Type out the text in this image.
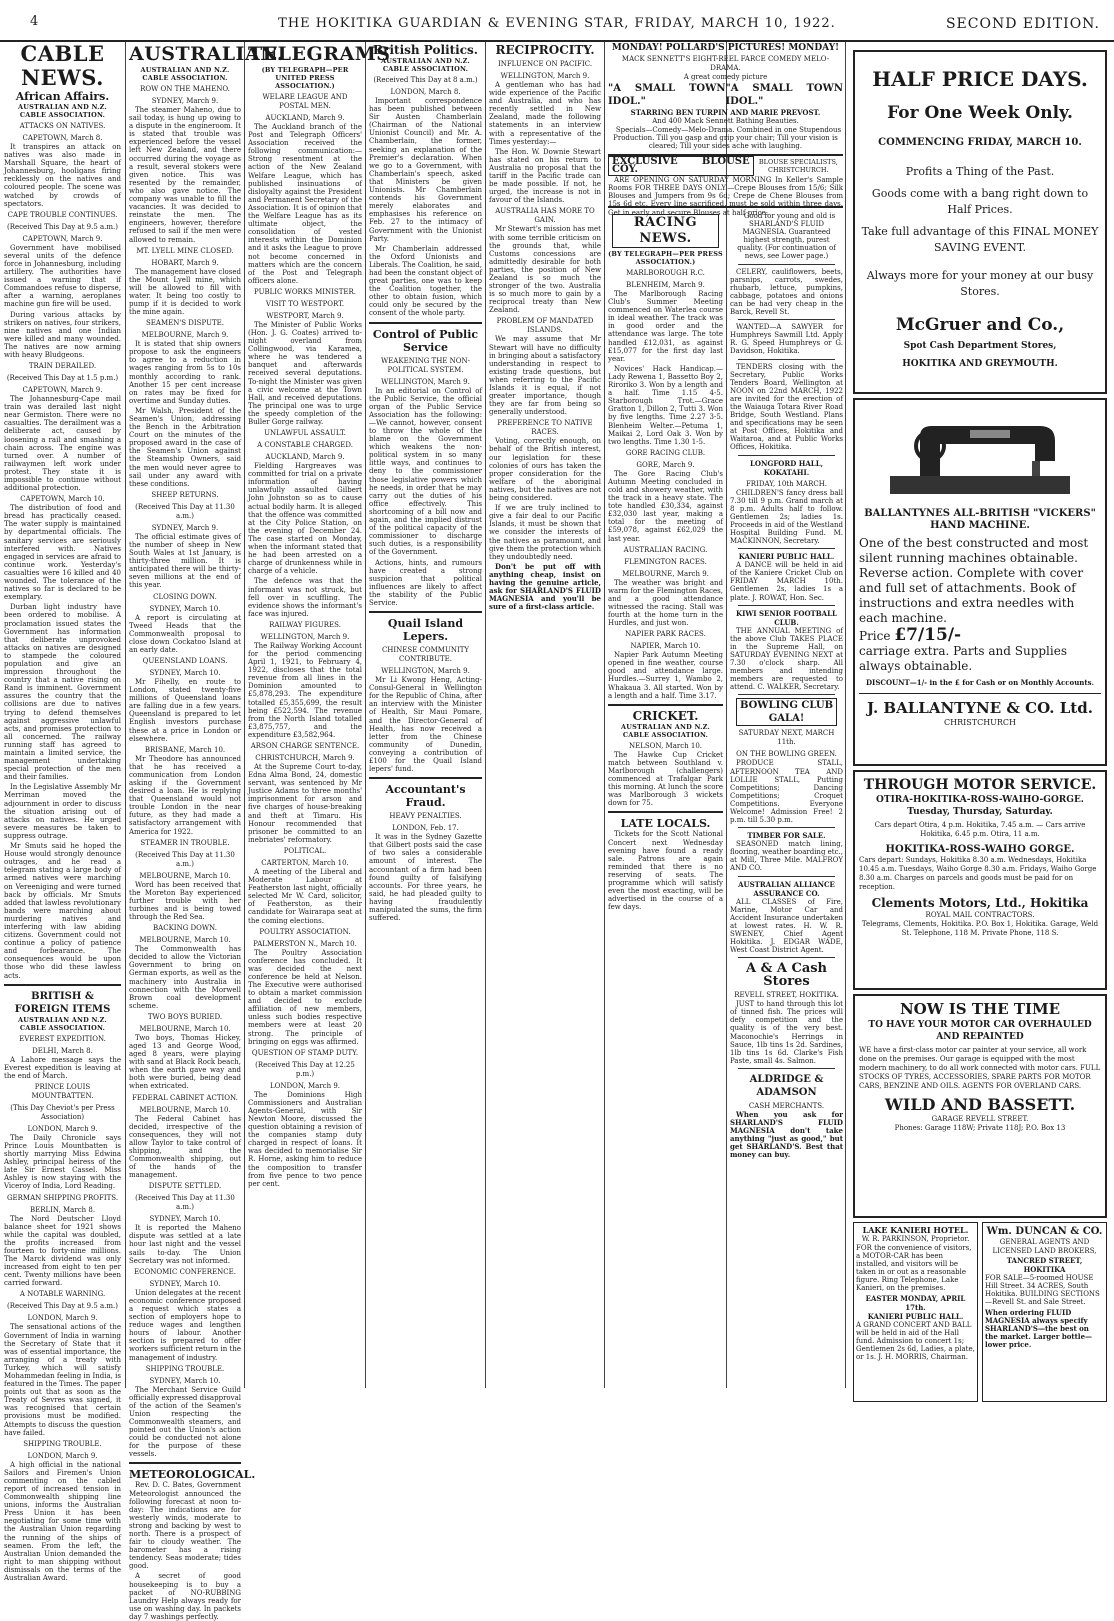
4	THE HOKITIKA GUARDIAN & EVENING STAR, FRIDAY, MARCH 10, 1922.	SECOND EDITION.
CABLE NEWS.
African Affairs.
AUSTRALIAN AND N.Z. CABLE ASSOCIATION.
ATTACKS ON NATIVES.
CAPETOWN, March 8.

It transpires an attack on natives was also made in Marshall Square, the heart of Johannesburg, hooligans firing recklessly on the natives and coloured people. The scene was watched by crowds of spectators.

CAPE TROUBLE CONTINUES.
(Received This Day at 9.5 a.m.)
CAPETOWN, March 9.

Government have mobilised several units of the defence force in Johannesburg, including artillery. The authorities have issued a warning that if Commandoes refuse to disperse, after a warning, aeroplanes machine gun fire will be used.

During various attacks by strikers on natives, four strikers, nine natives and one Indian were killed and many wounded. The natives are now arming with heavy Bludgeons.

TRAIN DERAILED.
(Received This Day at 1.5 p.m.)
CAPETOWN, March 9.

The Johannesburg-Cape mail train was derailed last night near Germiston. There were no casualties. The derailment was a deliberate act, caused by loosening a rail and smashing a chain across. The engine was turned over. A number of railwaymen left work under protest. They state it is impossible to continue without additional protection.

CAPETOWN, March 10.

The distribution of food and bread has practically ceased. The water supply is maintained by departmental officials. The sanitary services are seriously interfered with. Natives engaged in services are afraid to continue work. Yesterday's casualties were 16 killed and 40 wounded. The tolerance of the natives so far is declared to be exemplary.

Durban light industry have been ordered to mobilise. A proclamation issued states the Government has information that deliberate unprovoked attacks on natives are designed to stampede the coloured population and give an impression throughout the country that a native rising on Rand is imminent. Government assures the country that the collisions are due to natives trying to defend themselves against aggressive unlawful acts, and promises protection to all concerned. The railway running staff has agreed to maintain a limited service, the management undertaking special protection of the men and their families.

In the Legislative Assembly Mr Merriman moved the adjournment in order to discuss the situation arising out of attacks on natives. He urged severe measures be taken to suppress outrage.

Mr Smuts said he hoped the House would strongly denounce outrages, and he read a telegram stating a large body of armed natives were marching on Vereeniging and were turned back by officials. Mr Smuts added that lawless revolutionary bands were marching about murdering natives and interfering with law abiding citizens. Government could not continue a policy of patience and forbearance. The consequences would be upon those who did these lawless acts.

BRITISH & FOREIGN ITEMS
AUSTRALIAN AND N.Z. CABLE ASSOCIATION.
EVEREST EXPEDITION.
DELHI, March 8.

A Lahore message says the Everest expedition is leaving at the end of March.

PRINCE LOUIS MOUNTBATTEN.
(This Day Cheviot's per Press Association)
LONDON, March 9.

The Daily Chronicle says Prince Louis Mountbatten is shortly marrying Miss Edwina Ashley, principal heiress of the late Sir Ernest Cassel. Miss Ashley is now staying with the Viceroy of India, Lord Reading.

GERMAN SHIPPING PROFITS.
BERLIN, March 8.

The Nord Deutscher Lloyd balance sheet for 1921 shows while the capital was doubled, the profits increased from fourteen to forty-nine millions. The Marck dividend was only increased from eight to ten per cent. Twenty millions have been carried forward.

A NOTABLE WARNING.
(Received This Day at 9.5 a.m.)
LONDON, March 9.

The sensational actions of the Government of India in warning the Secretary of State that it was of essential importance, the arranging of a treaty with Turkey, which will satisfy Mohammedan feeling in India, is featured in the Times. The paper points out that as soon as the Treaty of Sevres was signed, it was recognised that certain provisions must be modified. Attempts to discuss the question have failed.

SHIPPING TROUBLE.
LONDON, March 9.

A high official in the national Sailors and Firemen's Union commenting on the cabled report of increased tension in Commonwealth shipping line unions, informs the Australian Press Union it has been negotiating for some time with the Australian Union regarding the running of the ships of seamen. From the left, the Australian Union demanded the right to man shipping without dismissals on the terms of the Australian Award.

AUSTRALIAN.
AUSTRALIAN AND N.Z. CABLE ASSOCIATION.
ROW ON THE MAHENO.
SYDNEY, March 9.

The steamer Maheno, due to sail today, is hung up owing to a dispute in the engineroom. It is stated that trouble was experienced before the vessel left New Zealand, and there occurred during the voyage as a result, several stokers were given notice. This was resented by the remainder, who also gave notice. The company was unable to fill the vacancies. It was decided to reinstate the men. The engineers, however, therefore refused to sail if the men were allowed to remain.

MT. LYELL MINE CLOSED.
HOBART, March 9.

The management have closed the Mount Lyell mine, which will be allowed to fill with water. It being too costly to pump if it is decided to work the mine again.

SEAMEN'S DISPUTE.
MELBOURNE, March 9.

It is stated that ship owners propose to ask the engineers to agree to a reduction in wages ranging from 5s to 10s monthly according to rank. Another 15 per cent increase on rates may be fixed for overtime and Sunday duties.

Mr Walsh, President of the Seamen's Union, addressing the Bench in the Arbitration Court on the minutes of the proposed award in the case of the Seamen's Union against the Steamship Owners, said the men would never agree to sail under any award with these conditions.

SHEEP RETURNS.
(Received This Day at 11.30 a.m.)
SYDNEY, March 9.

The official estimate gives of the number of sheep in New South Wales at 1st January, is thirty-three million. It is anticipated there will be thirty-seven millions at the end of this year.

CLOSING DOWN.
SYDNEY, March 10.

A report is circulating at Tweed Heads that the Commonwealth proposal to close down Cockatoo Island at an early date.

QUEENSLAND LOANS.
SYDNEY, March 10.

Mr Fihelly, en route to London, stated twenty-five millions of Queensland loans are falling due in a few years. Queensland is prepared to let English investors purchase these at a price in London or elsewhere.

BRISBANE, March 10.

Mr Theodore has announced that he has received a communication from London asking if the Government desired a loan. He is replying that Queensland would not trouble London in the near future, as they had made a satisfactory arrangement with America for 1922.

STEAMER IN TROUBLE.
(Received This Day at 11.30 a.m.)
MELBOURNE, March 10.

Word has been received that the Moreton Bay experienced further trouble with her turbines and is being towed through the Red Sea.

BACKING DOWN.
MELBOURNE, March 10.

The Commonwealth has decided to allow the Victorian Government to bring on German exports, as well as the machinery into Australia in connection with the Morwell Brown coal development scheme.

TWO BOYS BURIED.
MELBOURNE, March 10.

Two boys, Thomas Hickey, aged 13 and George Wood, aged 8 years, were playing with sand at Black Rock beach, when the earth gave way and both were buried, being dead when extricated.

FEDERAL CABINET ACTION.
MELBOURNE, March 10.

The Federal Cabinet has decided, irrespective of the consequences, they will not allow Taylor to take control of shipping, and the Commonwealth shipping, out of the hands of the management.

DISPUTE SETTLED.
(Received This Day at 11.30 a.m.)
SYDNEY, March 10.

It is reported the Maheno dispute was settled at a late hour last night and the vessel sails to-day. The Union Secretary was not informed.

ECONOMIC CONFERENCE.
SYDNEY, March 10.

Union delegates at the recent economic conference proposed a request which states a section of employers hope to reduce wages and lengthen hours of labour. Another section is prepared to offer workers sufficient return in the management of industry.

SHIPPING TROUBLE.
SYDNEY, March 10.

The Merchant Service Guild officially expressed disapproval of the action of the Seamen's Union respecting the Commonwealth steamers, and pointed out the Union's action could be conducted not alone for the purpose of these vessels.

METEOROLOGICAL.

Rev. D. C. Bates, Government Meteorologist announced the following forecast at noon to-day: The indications are for westerly winds, moderate to strong and backing by west to north. There is a prospect of fair to cloudy weather. The barometer has a rising tendency. Seas moderate; tides good.

A secret of good housekeeping is to buy a packet of NO-RUBBING Laundry Help always ready for use on washing day. In packets day 7 washings perfectly.

TELEGRAMS
(BY TELEGRAPH—PER UNITED PRESS ASSOCIATION.)
WELARE LEAGUE AND POSTAL MEN.
AUCKLAND, March 9.

The Auckland branch of the Post and Telegraph Officers' Association received the following communication:—Strong resentment at the action of the New Zealand Welfare League, which has published insinuations of disloyalty against the President and Permanent Secretary of the Association. It is of opinion that the Welfare League has as its ultimate object, the consolidation of vested interests within the Dominion and it asks the League to prove not become concerned in matters which are the concern of the Post and Telegraph officers alone.

PUBLIC WORKS MINISTER.
VISIT TO WESTPORT.
WESTPORT, March 9.

The Minister of Public Works (Hon. J. G. Coates) arrived to-night overland from Collingwood, via Karamea, where he was tendered a banquet and afterwards received several deputations. To-night the Minister was given a civic welcome at the Town Hall, and received deputations. The principal one was to urge the speedy completion of the Buller Gorge railway.

UNLAWFUL ASSAULT.
A CONSTABLE CHARGED.
AUCKLAND, March 9.

Fielding Hargreaves was committed for trial on a private information of having unlawfully assaulted Gilbert John Johnston so as to cause actual bodily harm. It is alleged that the offence was committed at the City Police Station, on the evening of December 24. The case started on Monday, when the informant stated that he had been arrested on a charge of drunkenness while in charge of a vehicle.

The defence was that the informant was not struck, but fell over in scuffling. The evidence shows the informant's face was injured.

RAILWAY FIGURES.
WELLINGTON, March 9.

The Railway Working Account for the period commencing April 1, 1921, to February 4, 1922, discloses that the total revenue from all lines in the Dominion amounted to £5,878,293. The expenditure totalled £5,355,699, the result being £522,594. The revenue from the North Island totalled £3,875,757, and the expenditure £3,582,964.

ARSON CHARGE SENTENCE.
CHRISTCHURCH, March 9.

At the Supreme Court to-day, Edna Alma Bond, 24, domestic servant, was sentenced by Mr Justice Adams to three months' imprisonment for arson and five charges of house-breaking and theft at Timaru. His Honour recommended that prisoner be committed to an inebriates' reformatory.

POLITICAL.
CARTERTON, March 10.

A meeting of the Liberal and Moderate Labour at Featherston last night, officially selected Mr W. Card, solicitor, of Featherston, as their candidate for Wairarapa seat at the coming elections.

POULTRY ASSOCIATION.
PALMERSTON N., March 10.

The Poultry Association conference has concluded. It was decided the next conference be held at Nelson. The Executive were authorised to obtain a market commission and decided to exclude affiliation of new members, unless such bodies respective members were at least 20 strong. The principle of bringing on eggs was affirmed.

QUESTION OF STAMP DUTY.
(Received This Day at 12.25 p.m.)
LONDON, March 9.

The Dominions High Commissioners and Australian Agents-General, with Sir Newton Moore, discussed the question obtaining a revision of the companies stamp duty charged in respect of loans. It was decided to memorialise Sir R. Horne, asking him to reduce the composition to transfer from five pence to two pence per cent.

British Politics.
AUSTRALIAN AND N.Z. CABLE ASSOCIATION.
(Received This Day at 8 a.m.)
LONDON, March 8.

Important correspondence has been published between Sir Austen Chamberlain (Chairman of the National Unionist Council) and Mr. A. Chamberlain, the former, seeking an explanation of the Premier's declaration. When we go to a Government, with Chamberlain's speech, asked that Ministers be given Unionists. Mr Chamberlain contends his Government merely elaborates and emphasises his reference on Feb. 27 to the intimacy of Government with the Unionist Party.

Mr Chamberlain addressed the Oxford Unionists and Liberals. The Coalition, he said, had been the constant object of great parties, one was to keep the Coalition together, the other to obtain fusion, which could only be secured by the consent of the whole party.

Control of Public Service
WEAKENING THE NON-POLITICAL SYSTEM.
WELLINGTON, March 9.

In an editorial on Control of the Public Service, the official organ of the Public Service Association has the following:—We cannot, however, consent to throw the whole of the blame on the Government which weakens the non-political system in so many little ways, and continues to deny to the commissioner those legislative powers which he needs, in order that he may carry out the duties of his office effectively. This shortcoming of a bill now and again, and the implied distrust of the political capacity of the commissioner to discharge such duties, is a responsibility of the Government.

Actions, hints, and rumours have created a strong suspicion that political influences are likely to affect the stability of the Public Service.

Quail Island Lepers.
CHINESE COMMUNITY CONTRIBUTE.
WELLINGTON, March 9.

Mr Li Kwong Heng, Acting-Consul-General in Wellington for the Republic of China, after an interview with the Minister of Health, Sir Maui Pomare, and the Director-General of Health, has now received a letter from the Chinese community of Dunedin, conveying a contribution of £100 for the Quail Island lepers' fund.

Accountant's Fraud.
HEAVY PENALTIES.
LONDON, Feb. 17.

It was in the Sydney Gazette that Gilbert posts said the case of two sales a considerable amount of interest. The accountant of a firm had been found guilty of falsifying accounts. For three years, he said, he had pleaded guilty to having fraudulently manipulated the sums, the firm suffered.

RECIPROCITY.
INFLUENCE ON PACIFIC.
WELLINGTON, March 9.

A gentleman who has had wide experience of the Pacific and Australia, and who has recently settled in New Zealand, made the following statements in an interview with a representative of the Times yesterday:—

The Hon. W. Downie Stewart has stated on his return to Australia no proposal that the tariff in the Pacific trade can be made possible. If not, he urged, the increase is not in favour of the Islands.

AUSTRALIA HAS MORE TO GAIN.

Mr Stewart's mission has met with some terrible criticism on the grounds that, while Customs concessions are admittedly desirable for both parties, the position of New Zealand is so much the stronger of the two. Australia is so much more to gain by a reciprocal treaty than New Zealand.

PROBLEM OF MANDATED ISLANDS.

We may assume that Mr Stewart will have no difficulty in bringing about a satisfactory understanding in respect to existing trade questions, but when referring to the Pacific Islands it is equal, if not greater importance, though they are far from being so generally understood.

PREFERENCE TO NATIVE RACES.

Voting, correctly enough, on behalf of the British interest, our legislation for these colonies of ours has taken the proper consideration for the welfare of the aboriginal natives, but the natives are not being considered.

If we are truly inclined to give a fair deal to our Pacific Islands, it must be shown that we consider the interests of the natives as paramount, and give them the protection which they undoubtedly need.

Don't be put off with anything cheap, insist on having the genuine article, ask for SHARLAND'S FLUID MAGNESIA and you'll be sure of a first-class article.

MONDAY! POLLARD'S PICTURES! MONDAY!
MACK SENNETT'S EIGHT-REEL FARCE COMEDY MELO-DRAMA.
A great comedy picture
"A SMALL TOWN IDOL."
"A SMALL TOWN IDOL."
STARRING BEN TURPIN AND MARIE PREVOST.
And 400 Mack Sennett Bathing Beauties.

Specials—Comedy—Melo-Drama. Combined in one Stupendous Production. Till you gasp and grip your chair; Till your vision is cleared; Till your sides ache with laughing.

EXCLUSIVE BLOUSE COY.
BLOUSE SPECIALISTS, CHRISTCHURCH.

ARE OPENING ON SATURDAY MORNING In Keller's Sample Rooms FOR THREE DAYS ONLY.—Crepe Blouses from 15/6; Silk Blouses and Jumpers from 9s 6d; Crepe de Chene Blouses from 15s 6d etc. Every line sacrificed, must be sold within three days. Get in early and secure Blouses at half price.

RACING NEWS.
(BY TELEGRAPH—PER PRESS ASSOCIATION.)
MARLBOROUGH R.C.
BLENHEIM, March 9.

The Marlborough Racing Club's Summer Meeting commenced on Waterlea course in ideal weather. The track was in good order and the attendance was large. The tote handled £12,031, as against £15,077 for the first day last year.

Novices' Hack Handicap.—Lady Rewena 1, Bassetto Boy 2, Riroriko 3. Won by a length and a half. Time 1.15 4-5. Starborough Trot.—Grace Gratton 1, Dillon 2, Tutti 3. Won by five lengths. Time 2.27 3-5. Blenheim Welter.—Petuma 1, Maikai 2, Lord Oak 3. Won by two lengths. Time 1.30 1-5.

GORE RACING CLUB.
GORE, March 9.

The Gore Racing Club's Autumn Meeting concluded in cold and showery weather, with the track in a heavy state. The tote handled £30,334, against £32,030 last year, making a total for the meeting of £59,078, against £62,029 the last year.

AUSTRALIAN RACING.
FLEMINGTON RACES.
MELBOURNE, March 9.

The weather was bright and warm for the Flemington Races, and a good attendance witnessed the racing. Stall was fourth at the home turn in the Hurdles, and just won.

NAPIER PARK RACES.
NAPIER, March 10.

Napier Park Autumn Meeting opened in fine weather, course good and attendance large. Hurdles.—Surrey 1, Wambo 2, Whakaua 3. All started. Won by a length and a half. Time 3.17.

CRICKET.
AUSTRALIAN AND N.Z. CABLE ASSOCIATION.
NELSON, March 10.

The Hawke Cup Cricket match between Southland v. Marlborough (challengers) commenced at Trafalgar Park this morning. At lunch the score was Marlborough 3 wickets down for 75.

LATE LOCALS.

Tickets for the Scott National Concert next Wednesday evening have found a ready sale. Patrons are again reminded that there is no reserving of seats. The programme which will satisfy even the most exacting, will be advertised in the course of a few days.

Good for young and old is SHARLAND'S FLUID MAGNESIA. Guaranteed highest strength, purest quality. (For continuation of news, see Lower page.)

CELERY, cauliflowers, beets, parsnips, carrots, swedes, rhubarb, lettuce, pumpkins, cabbage, potatoes and onions can be had very cheap in the Barck, Revell St.

WANTED—A SAWYER for Humphreys Sawmill Ltd. Apply R. G. Speed Humphreys or G. Davidson, Hokitika.

TENDERS closing with the Secretary, Public Works Tenders Board, Wellington at NOON on 22nd MARCH, 1922 are invited for the erection of the Waiauga Totara River Road Bridge, South Westland. Plans and specifications may be seen at Post Offices, Hokitika and Waitaroa, and at Public Works Offices, Hokitika.

LONGFORD HALL, KOKATAHI.
FRIDAY, 10th MARCH.

CHILDREN'S fancy dress ball 7.30 till 9 p.m. Grand march at 8 p.m. Adults half to follow. Gentlemen 2s; ladies 1s. Proceeds in aid of the Westland Hospital Building Fund. M. MACKINNON, Secretary.

KANIERI PUBLIC HALL.

A DANCE will be held in aid of the Kaniere Cricket Club on FRIDAY MARCH 10th. Gentlemen 2s, ladies 1s a plate. J. ROWAT, Hon. Sec.

KIWI SENIOR FOOTBALL CLUB.

THE ANNUAL MEETING of the above Club TAKES PLACE in the Supreme Hall, on SATURDAY EVENING NEXT at 7.30 o'clock sharp. All members and intending members are requested to attend. C. WALKER, Secretary.

BOWLING CLUB GALA!
SATURDAY NEXT, MARCH 11th.
ON THE BOWLING GREEN.

PRODUCE STALL, AFTERNOON TEA AND LOLLIE STALL, Putting Competitions; Dancing Competitions; Croquet Competitions. Everyone Welcome! Admission Free! 2 p.m. till 5.30 p.m.

TIMBER FOR SALE.

SEASONED match lining, flooring, weather boarding etc., at Mill, Three Mile. MALFROY AND CO.

AUSTRALIAN ALLIANCE ASSURANCE CO.

ALL CLASSES of Fire, Marine, Motor Car and Accident Insurance undertaken at lowest rates. H. W. R. SWENEY, Chief Agent Hokitika. J. EDGAR WADE, West Coast District Agent.

A & A Cash Stores
REVELL STREET, HOKITIKA.

JUST to hand through this lot of tinned fish. The prices will defy competition and the quality is of the very best. Maconochie's Herrings in Sauce, 1lb tins 1s 2d. Sardines, 1lb tins 1s 6d. Clarke's Fish Paste, small 4s. Salmon.

ALDRIDGE & ADAMSON
CASH MERCHANTS.

When you ask for SHARLAND'S FLUID MAGNESIA don't take anything "just as good," but get SHARLAND'S. Best that money can buy.

HALF PRICE DAYS.
For One Week Only.
COMMENCING FRIDAY, MARCH 10.
Profits a Thing of the Past.
Goods come with a bang right down to Half Prices.
Take full advantage of this FINAL MONEY SAVING EVENT.
Always more for your money at our busy Stores.
McGruer and Co.,
Spot Cash Department Stores,
HOKITIKA AND GREYMOUTH.
BALLANTYNES ALL-BRITISH "VICKERS" HAND MACHINE.
One of the best constructed and most silent running machines obtainable. Reverse action. Complete with cover and full set of attachments. Book of instructions and extra needles with each machine.
Price £7/15/-
carriage extra. Parts and Supplies always obtainable.
DISCOUNT—1/- in the £ for Cash or on Monthly Accounts.
J. BALLANTYNE & CO. Ltd.
CHRISTCHURCH
THROUGH MOTOR SERVICE.
OTIRA-HOKITIKA-ROSS-WAIHO-GORGE.
Tuesday, Thursday, Saturday.
Cars depart Otira, 4 p.m. Hokitika, 7.45 a.m. — Cars arrive Hokitika, 6.45 p.m. Otira, 11 a.m.
HOKITIKA-ROSS-WAIHO GORGE.
Cars depart: Sundays, Hokitika 8.30 a.m. Wednesdays, Hokitika 10.45 a.m. Tuesdays, Waiho Gorge 8.30 a.m. Fridays, Waiho Gorge 8.30 a.m. Charges on parcels and goods must be paid for on reception.
Clements Motors, Ltd., Hokitika
ROYAL MAIL CONTRACTORS.
Telegrams, Clements, Hokitika. P.O. Box 1, Hokitika. Garage, Weld St. Telephone, 118 M. Private Phone, 118 S.
NOW IS THE TIME
TO HAVE YOUR MOTOR CAR OVERHAULED AND REPAINTED
WE have a first-class motor car painter at your service, all work done on the premises. Our garage is equipped with the most modern machinery, to do all work connected with motor cars. FULL STOCKS OF TYRES, ACCESSORIES, SPARE PARTS FOR MOTOR CARS, BENZINE AND OILS. AGENTS FOR OVERLAND CARS.
WILD AND BASSETT.
GARAGE REVELL STREET.
Phones: Garage 118W; Private 118J; P.O. Box 13
LAKE KANIERI HOTEL.
W. R. PARKINSON, Proprietor.
FOR the convenience of visitors, a MOTOR-CAR has been installed, and visitors will be taken in or out as a reasonable figure. Ring Telephone, Lake Kanieri, on the premises.
EASTER MONDAY, APRIL 17th.
KANIERI PUBLIC HALL.
A GRAND CONCERT AND BALL will be held in aid of the Hall fund. Admission to concert 1s; Gentlemen 2s 6d, Ladies, a plate, or 1s. J. H. MORRIS, Chairman.
Wm. DUNCAN & CO.
GENERAL AGENTS AND LICENSED LAND BROKERS,
TANCRED STREET, HOKITIKA
FOR SALE—5-roomed HOUSE Hill Street. 34 ACRES, South Hokitika. BUILDING SECTIONS—Revell St. and Sale Street.
When ordering FLUID MAGNESIA always specify SHARLAND'S—the best on the market. Larger bottle—lower price.
